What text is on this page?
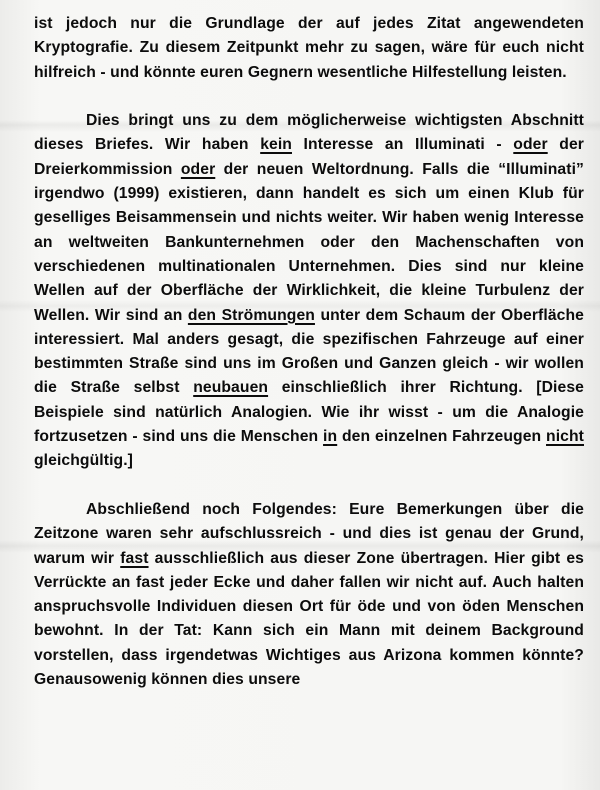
ist jedoch nur die Grundlage der auf jedes Zitat angewendeten Kryptografie. Zu diesem Zeitpunkt mehr zu sagen, wäre für euch nicht hilfreich - und könnte euren Gegnern wesentliche Hilfestellung leisten.

Dies bringt uns zu dem möglicherweise wichtigsten Abschnitt dieses Briefes. Wir haben kein Interesse an Illuminati - oder der Dreierkommission oder der neuen Weltordnung. Falls die “Illuminati” irgendwo (1999) existieren, dann handelt es sich um einen Klub für geselliges Beisammensein und nichts weiter. Wir haben wenig Interesse an weltweiten Bankunternehmen oder den Machenschaften von verschiedenen multinationalen Unternehmen. Dies sind nur kleine Wellen auf der Oberfläche der Wirklichkeit, die kleine Turbulenz der Wellen. Wir sind an den Strömungen unter dem Schaum der Oberfläche interessiert. Mal anders gesagt, die spezifischen Fahrzeuge auf einer bestimmten Straße sind uns im Großen und Ganzen gleich - wir wollen die Straße selbst neubauen einschließlich ihrer Richtung. [Diese Beispiele sind natürlich Analogien. Wie ihr wisst - um die Analogie fortzusetzen - sind uns die Menschen in den einzelnen Fahrzeugen nicht gleichgültig.]

Abschließend noch Folgendes: Eure Bemerkungen über die Zeitzone waren sehr aufschlussreich - und dies ist genau der Grund, warum wir fast ausschließlich aus dieser Zone übertragen. Hier gibt es Verrückte an fast jeder Ecke und daher fallen wir nicht auf. Auch halten anspruchsvolle Individuen diesen Ort für öde und von öden Menschen bewohnt. In der Tat: Kann sich ein Mann mit deinem Background vorstellen, dass irgendetwas Wichtiges aus Arizona kommen könnte? Genausowenig können dies unsere
